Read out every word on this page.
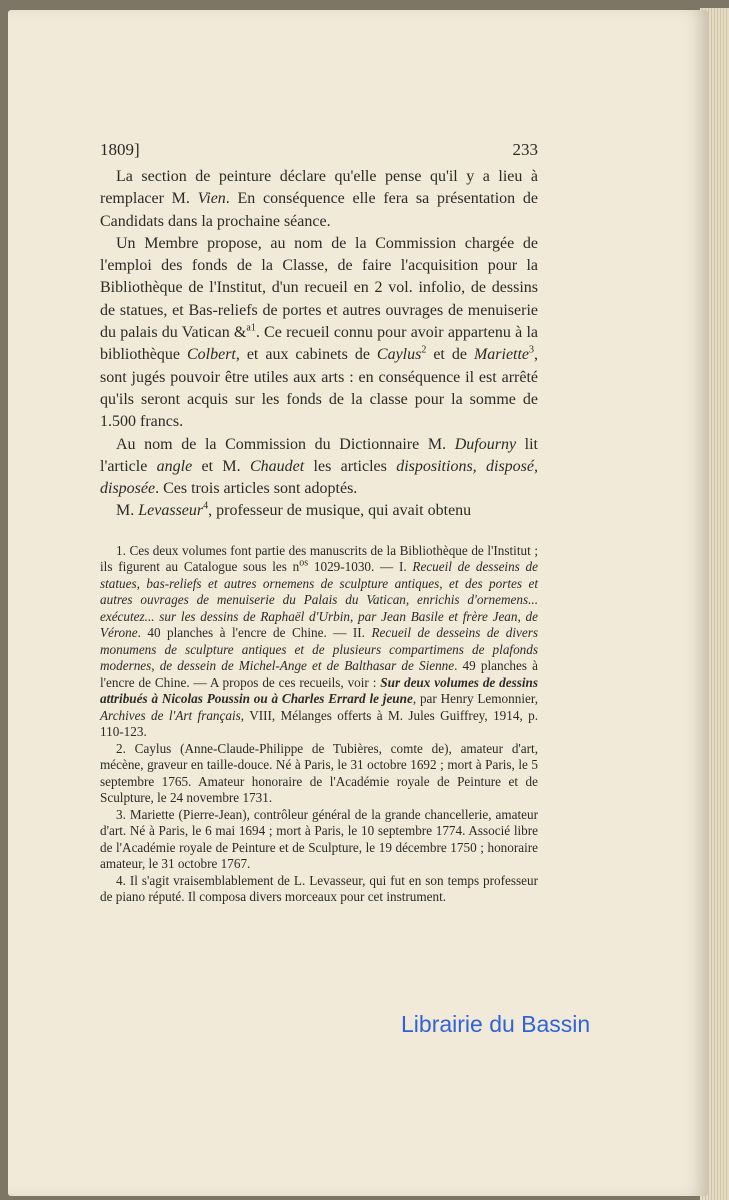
1809]	233

La section de peinture déclare qu'elle pense qu'il y a lieu à remplacer M. Vien. En conséquence elle fera sa présentation de Candidats dans la prochaine séance.

Un Membre propose, au nom de la Commission chargée de l'emploi des fonds de la Classe, de faire l'acquisition pour la Bibliothèque de l'Institut, d'un recueil en 2 vol. infolio, de dessins de statues, et Bas-reliefs de portes et autres ouvrages de menuiserie du palais du Vatican &$^{a1}$. Ce recueil connu pour avoir appartenu à la bibliothèque Colbert, et aux cabinets de Caylus$^2$ et de Mariette$^3$, sont jugés pouvoir être utiles aux arts : en conséquence il est arrêté qu'ils seront acquis sur les fonds de la classe pour la somme de 1.500 francs.

Au nom de la Commission du Dictionnaire M. Dufourny lit l'article angle et M. Chaudet les articles dispositions, disposé, disposée. Ces trois articles sont adoptés.

M. Levasseur$^4$, professeur de musique, qui avait obtenu

1. Ces deux volumes font partie des manuscrits de la Bibliothèque de l'Institut ; ils figurent au Catalogue sous les $n^{os}$ 1029-1030. — I. Recueil de desseins de statues, bas-reliefs et autres ornemens de sculpture antiques, et des portes et autres ouvrages de menuiserie du Palais du Vatican, enrichis d'ornemens... exécutez... sur les dessins de Raphaël d'Urbin, par Jean Basile et frère Jean, de Vérone. 40 planches à l'encre de Chine. — II. Recueil de desseins de divers monumens de sculpture antiques et de plusieurs compartimens de plafonds modernes, de dessein de Michel-Ange et de Balthasar de Sienne. 49 planches à l'encre de Chine. — A propos de ces recueils, voir : Sur deux volumes de dessins attribués à Nicolas Poussin ou à Charles Errard le jeune, par Henry Lemonnier, Archives de l'Art français, VIII, Mélanges offerts à M. Jules Guiffrey, 1914, p. 110-123.

2. Caylus (Anne-Claude-Philippe de Tubières, comte de), amateur d'art, mécène, graveur en taille-douce. Né à Paris, le 31 octobre 1692 ; mort à Paris, le 5 septembre 1765. Amateur honoraire de l'Académie royale de Peinture et de Sculpture, le 24 novembre 1731.

3. Mariette (Pierre-Jean), contrôleur général de la grande chancellerie, amateur d'art. Né à Paris, le 6 mai 1694 ; mort à Paris, le 10 septembre 1774. Associé libre de l'Académie royale de Peinture et de Sculpture, le 19 décembre 1750 ; honoraire amateur, le 31 octobre 1767.

4. Il s'agit vraisemblablement de L. Levasseur, qui fut en son temps professeur de piano réputé. Il composa divers morceaux pour cet instrument.

Librairie du Bassin
